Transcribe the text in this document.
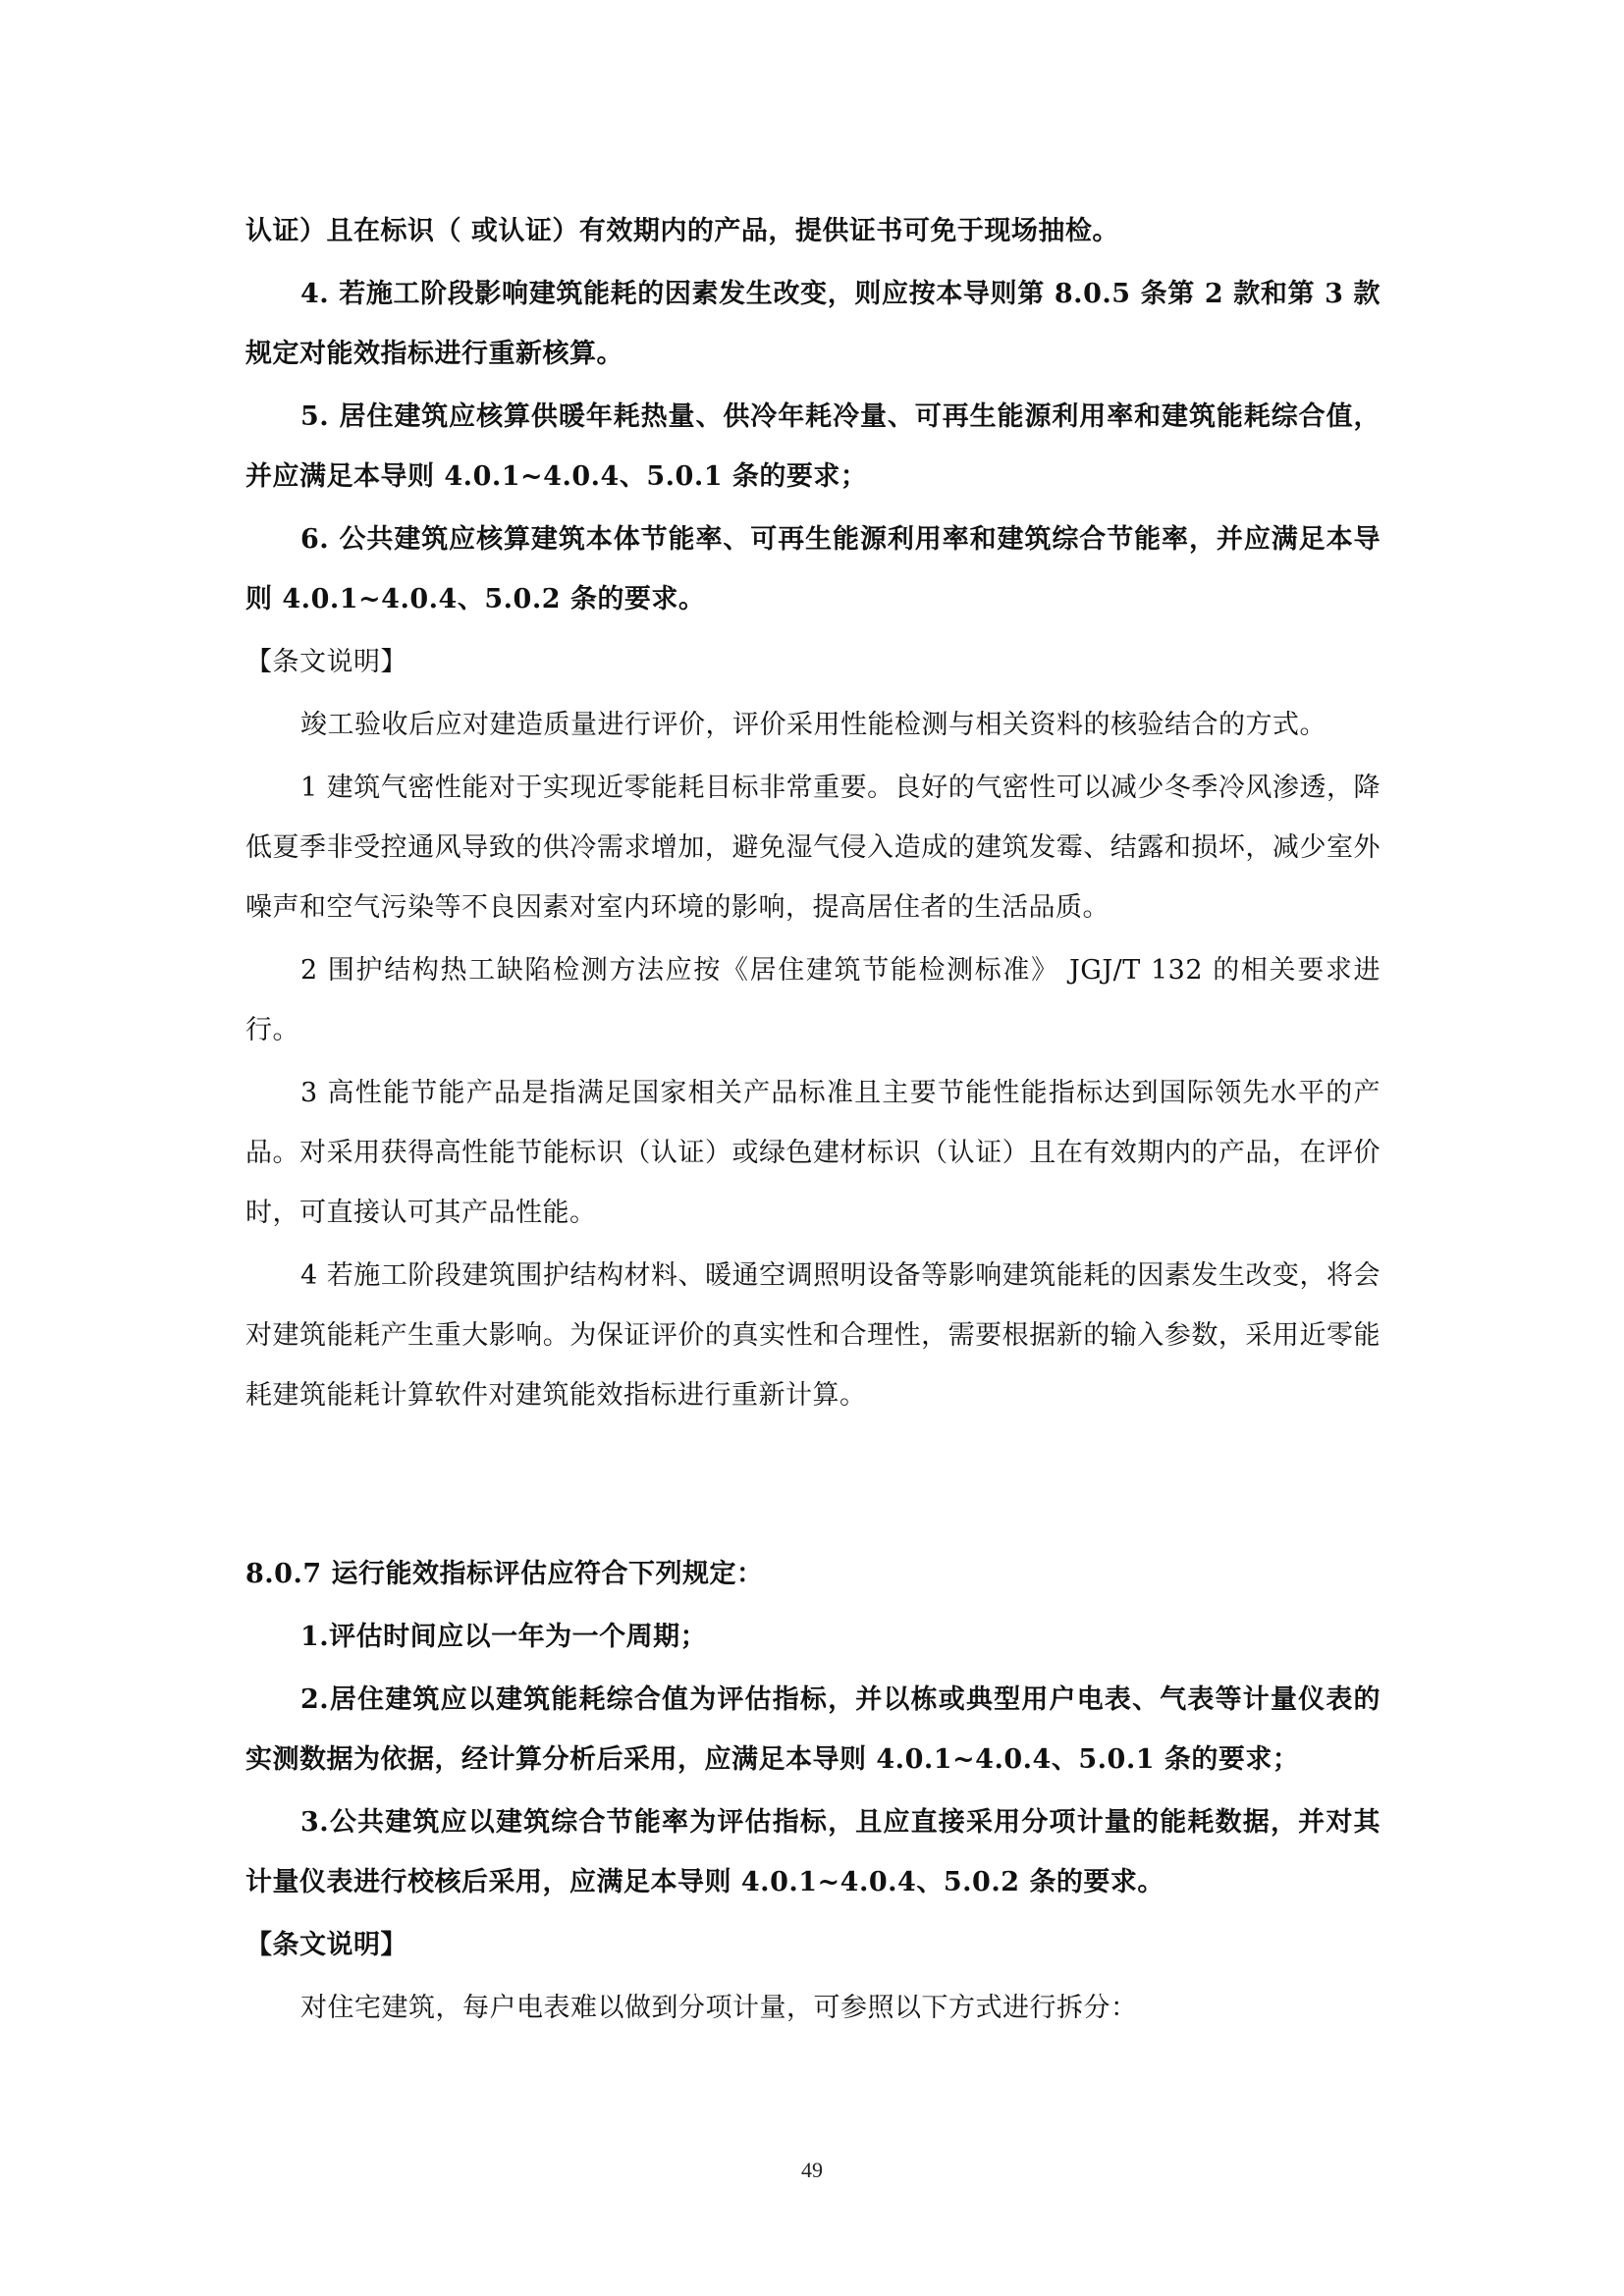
认证）且在标识（ 或认证）有效期内的产品，提供证书可免于现场抽检。

4. 若施工阶段影响建筑能耗的因素发生改变，则应按本导则第 8.0.5 条第 2 款和第 3 款规定对能效指标进行重新核算。

5. 居住建筑应核算供暖年耗热量、供冷年耗冷量、可再生能源利用率和建筑能耗综合值，并应满足本导则 4.0.1~4.0.4、5.0.1 条的要求；

6. 公共建筑应核算建筑本体节能率、可再生能源利用率和建筑综合节能率，并应满足本导则 4.0.1~4.0.4、5.0.2 条的要求。

【条文说明】

竣工验收后应对建造质量进行评价，评价采用性能检测与相关资料的核验结合的方式。

1 建筑气密性能对于实现近零能耗目标非常重要。良好的气密性可以减少冬季冷风渗透，降低夏季非受控通风导致的供冷需求增加，避免湿气侵入造成的建筑发霉、结露和损坏，减少室外噪声和空气污染等不良因素对室内环境的影响，提高居住者的生活品质。

2 围护结构热工缺陷检测方法应按《居住建筑节能检测标准》 JGJ/T 132 的相关要求进行。

3 高性能节能产品是指满足国家相关产品标准且主要节能性能指标达到国际领先水平的产品。对采用获得高性能节能标识（认证）或绿色建材标识（认证）且在有效期内的产品，在评价时，可直接认可其产品性能。

4 若施工阶段建筑围护结构材料、暖通空调照明设备等影响建筑能耗的因素发生改变，将会对建筑能耗产生重大影响。为保证评价的真实性和合理性，需要根据新的输入参数，采用近零能耗建筑能耗计算软件对建筑能效指标进行重新计算。

8.0.7 运行能效指标评估应符合下列规定：

1.评估时间应以一年为一个周期；

2.居住建筑应以建筑能耗综合值为评估指标，并以栋或典型用户电表、气表等计量仪表的实测数据为依据，经计算分析后采用，应满足本导则 4.0.1~4.0.4、5.0.1 条的要求；

3.公共建筑应以建筑综合节能率为评估指标，且应直接采用分项计量的能耗数据，并对其计量仪表进行校核后采用，应满足本导则 4.0.1~4.0.4、5.0.2 条的要求。

【条文说明】

对住宅建筑，每户电表难以做到分项计量，可参照以下方式进行拆分：

49
